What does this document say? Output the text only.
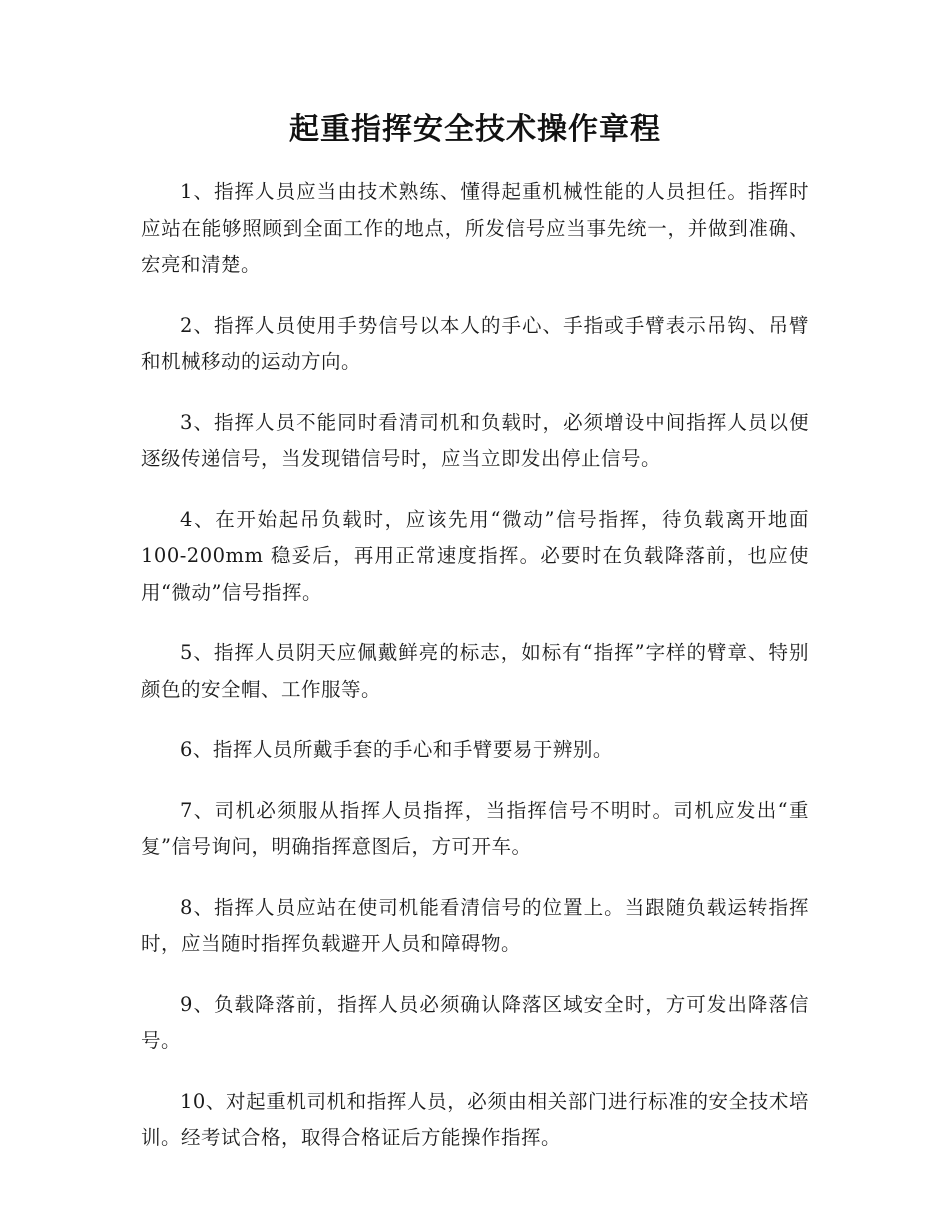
起重指挥安全技术操作章程

1、指挥人员应当由技术熟练、懂得起重机械性能的人员担任。指挥时应站在能够照顾到全面工作的地点，所发信号应当事先统一，并做到准确、宏亮和清楚。

2、指挥人员使用手势信号以本人的手心、手指或手臂表示吊钩、吊臂和机械移动的运动方向。

3、指挥人员不能同时看清司机和负载时，必须增设中间指挥人员以便逐级传递信号，当发现错信号时，应当立即发出停止信号。

4、在开始起吊负载时，应该先用“微动”信号指挥，待负载离开地面100-200mm 稳妥后，再用正常速度指挥。必要时在负载降落前，也应使用“微动”信号指挥。

5、指挥人员阴天应佩戴鲜亮的标志，如标有“指挥”字样的臂章、特别颜色的安全帽、工作服等。

6、指挥人员所戴手套的手心和手臂要易于辨别。

7、司机必须服从指挥人员指挥，当指挥信号不明时。司机应发出“重复”信号询问，明确指挥意图后，方可开车。

8、指挥人员应站在使司机能看清信号的位置上。当跟随负载运转指挥时，应当随时指挥负载避开人员和障碍物。

9、负载降落前，指挥人员必须确认降落区域安全时，方可发出降落信号。

10、对起重机司机和指挥人员，必须由相关部门进行标准的安全技术培训。经考试合格，取得合格证后方能操作指挥。
